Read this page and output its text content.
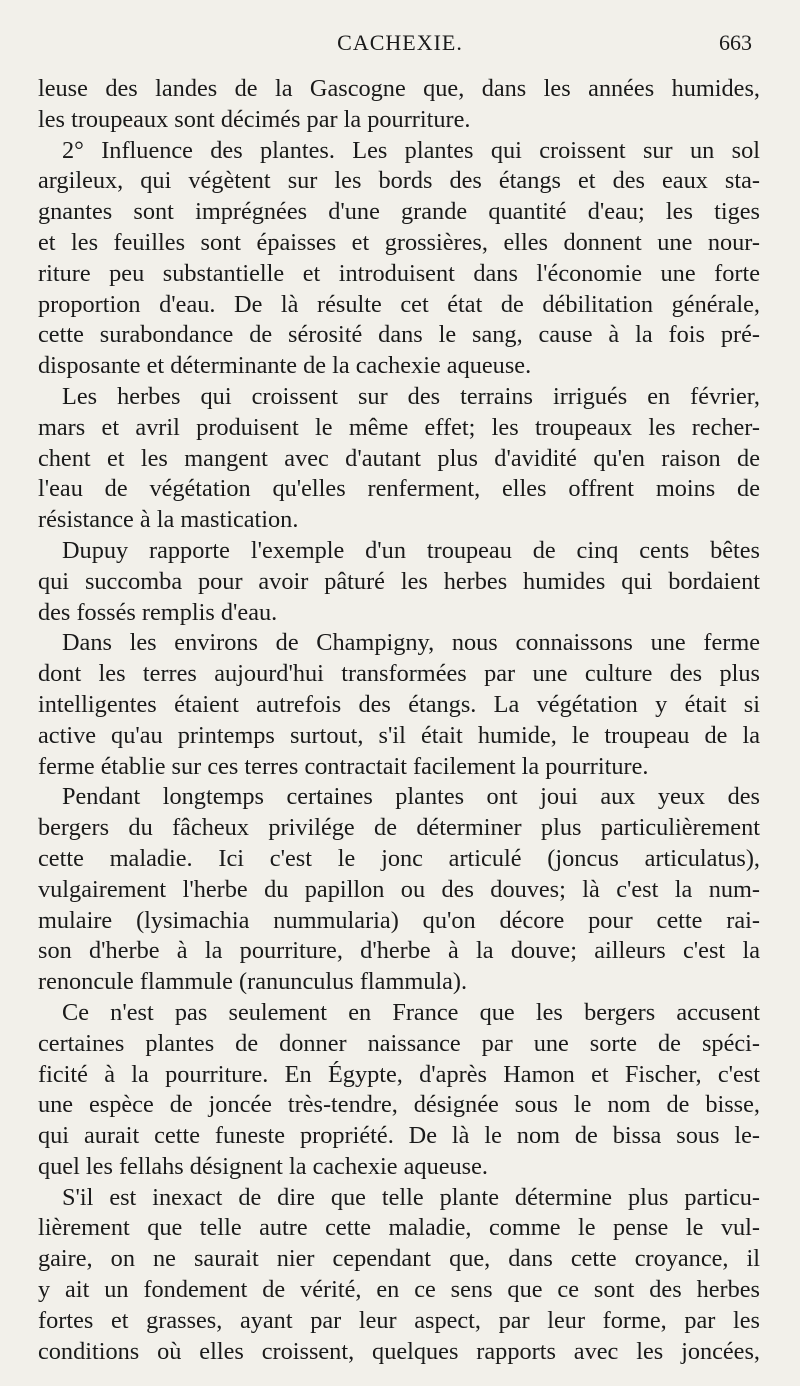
CACHEXIE.	663
leuse des landes de la Gascogne que, dans les années humides,
les troupeaux sont décimés par la pourriture.
2° Influence des plantes. Les plantes qui croissent sur un sol
argileux, qui végètent sur les bords des étangs et des eaux sta-
gnantes sont imprégnées d'une grande quantité d'eau; les tiges
et les feuilles sont épaisses et grossières, elles donnent une nour-
riture peu substantielle et introduisent dans l'économie une forte
proportion d'eau. De là résulte cet état de débilitation générale,
cette surabondance de sérosité dans le sang, cause à la fois pré-
disposante et déterminante de la cachexie aqueuse.
Les herbes qui croissent sur des terrains irrigués en février,
mars et avril produisent le même effet; les troupeaux les recher-
chent et les mangent avec d'autant plus d'avidité qu'en raison de
l'eau de végétation qu'elles renferment, elles offrent moins de
résistance à la mastication.
Dupuy rapporte l'exemple d'un troupeau de cinq cents bêtes
qui succomba pour avoir pâturé les herbes humides qui bordaient
des fossés remplis d'eau.
Dans les environs de Champigny, nous connaissons une ferme
dont les terres aujourd'hui transformées par une culture des plus
intelligentes étaient autrefois des étangs. La végétation y était si
active qu'au printemps surtout, s'il était humide, le troupeau de la
ferme établie sur ces terres contractait facilement la pourriture.
Pendant longtemps certaines plantes ont joui aux yeux des
bergers du fâcheux privilége de déterminer plus particulièrement
cette maladie. Ici c'est le jonc articulé (joncus articulatus),
vulgairement l'herbe du papillon ou des douves; là c'est la num-
mulaire (lysimachia nummularia) qu'on décore pour cette rai-
son d'herbe à la pourriture, d'herbe à la douve; ailleurs c'est la
renoncule flammule (ranunculus flammula).
Ce n'est pas seulement en France que les bergers accusent
certaines plantes de donner naissance par une sorte de spéci-
ficité à la pourriture. En Égypte, d'après Hamon et Fischer, c'est
une espèce de joncée très-tendre, désignée sous le nom de bisse,
qui aurait cette funeste propriété. De là le nom de bissa sous le-
quel les fellahs désignent la cachexie aqueuse.
S'il est inexact de dire que telle plante détermine plus particu-
lièrement que telle autre cette maladie, comme le pense le vul-
gaire, on ne saurait nier cependant que, dans cette croyance, il
y ait un fondement de vérité, en ce sens que ce sont des herbes
fortes et grasses, ayant par leur aspect, par leur forme, par les
conditions où elles croissent, quelques rapports avec les joncées,
